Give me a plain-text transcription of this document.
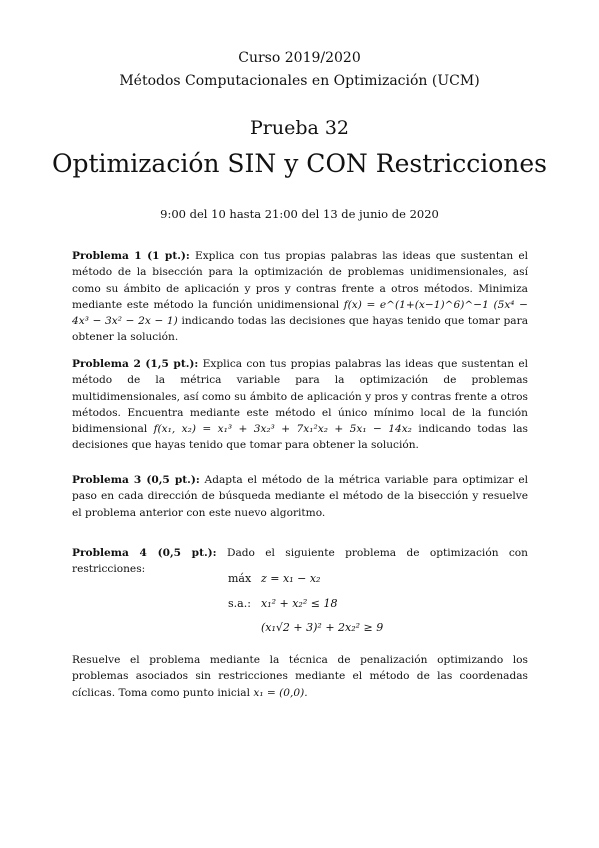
Curso 2019/2020
Métodos Computacionales en Optimización (UCM)
Prueba 32
Optimización SIN y CON Restricciones
9:00 del 10 hasta 21:00 del 13 de junio de 2020
Problema 1 (1 pt.): Explica con tus propias palabras las ideas que sustentan el método de la bisección para la optimización de problemas unidimensionales, así como su ámbito de aplicación y pros y contras frente a otros métodos. Minimiza mediante este método la función unidimensional f(x) = e^(1+(x−1)^6)^−1 (5x⁴ − 4x³ − 3x² − 2x − 1) indicando todas las decisiones que hayas tenido que tomar para obtener la solución.
Problema 2 (1,5 pt.): Explica con tus propias palabras las ideas que sustentan el método de la métrica variable para la optimización de problemas multidimensionales, así como su ámbito de aplicación y pros y contras frente a otros métodos. Encuentra mediante este método el único mínimo local de la función bidimensional f(x₁, x₂) = x₁³ + 3x₂³ + 7x₁²x₂ + 5x₁ − 14x₂ indicando todas las decisiones que hayas tenido que tomar para obtener la solución.
Problema 3 (0,5 pt.): Adapta el método de la métrica variable para optimizar el paso en cada dirección de búsqueda mediante el método de la bisección y resuelve el problema anterior con este nuevo algoritmo.
Problema 4 (0,5 pt.): Dado el siguiente problema de optimización con restricciones:
máx z = x₁ − x₂
s.a.: x₁² + x₂² ≤ 18
(x₁√2 + 3)² + 2x₂² ≥ 9
Resuelve el problema mediante la técnica de penalización optimizando los problemas asociados sin restricciones mediante el método de las coordenadas cíclicas. Toma como punto inicial x₁ = (0,0).
